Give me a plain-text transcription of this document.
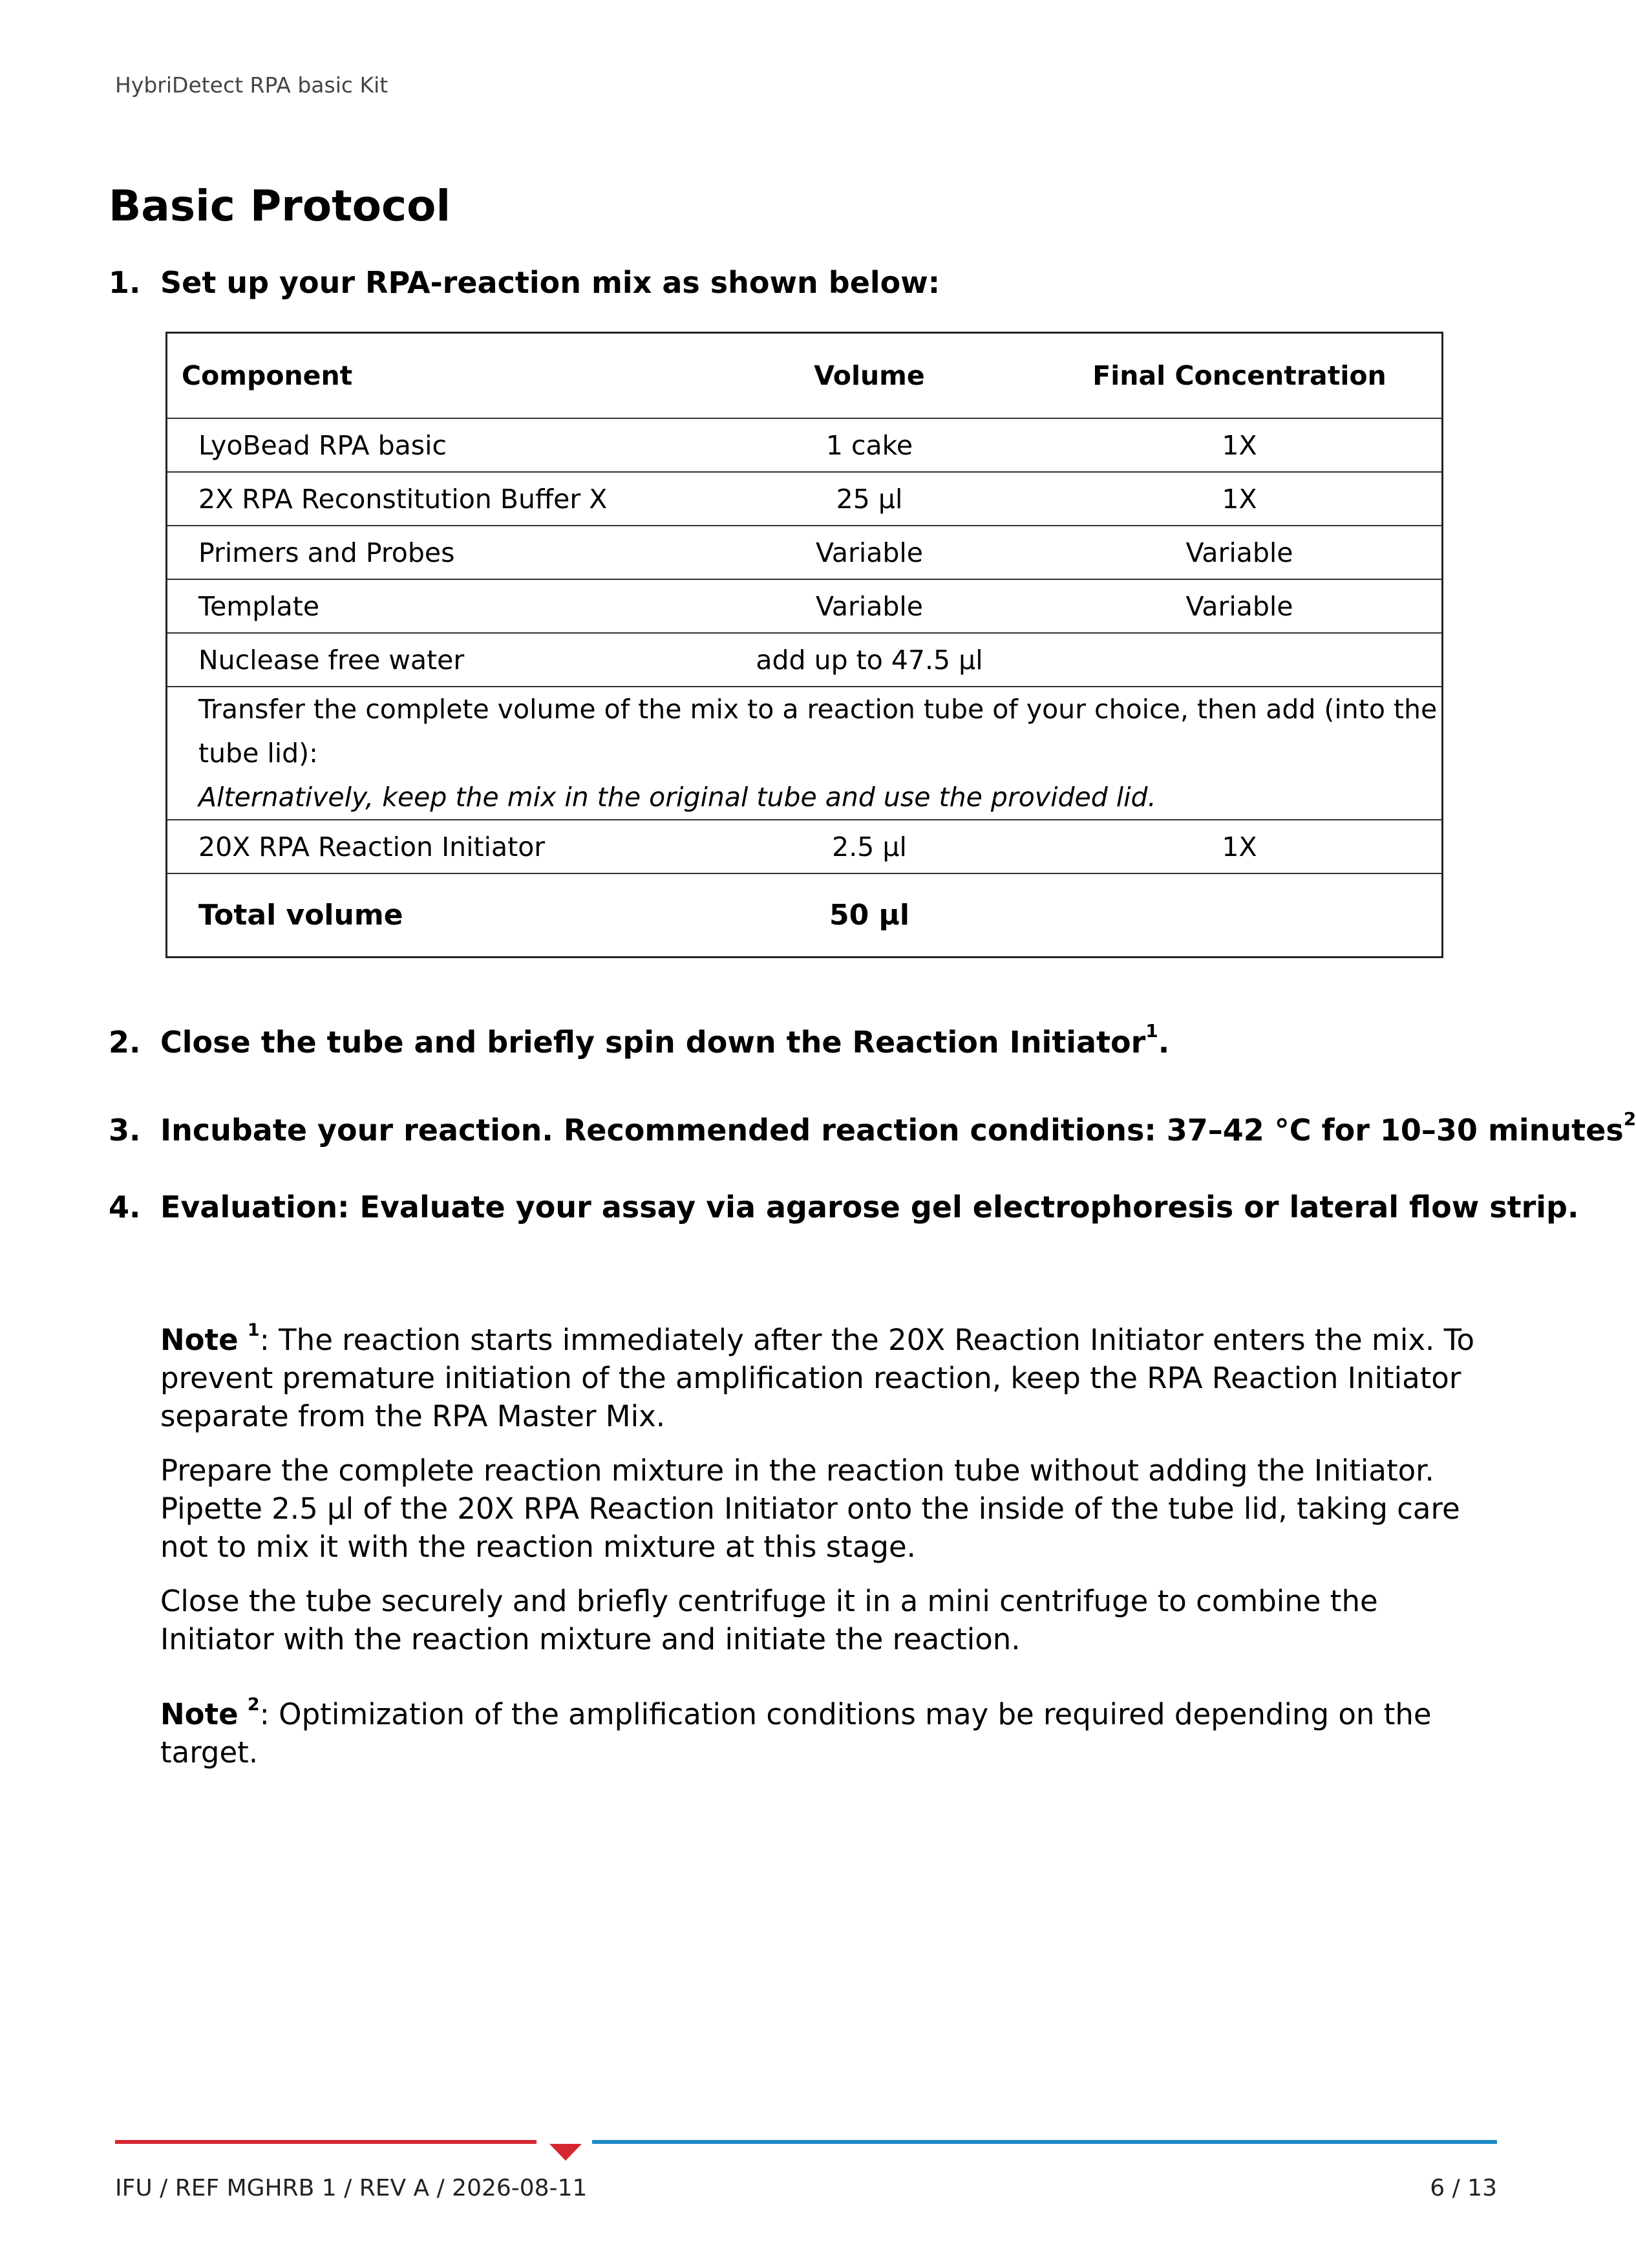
HybriDetect RPA basic Kit
Basic Protocol
1. Set up your RPA-reaction mix as shown below:
Component	Volume	Final Concentration
LyoBead RPA basic	1 cake	1X
2X RPA Reconstitution Buffer X	25 µl	1X
Primers and Probes	Variable	Variable
Template	Variable	Variable
Nuclease free water	add up to 47.5 µl	
Transfer the complete volume of the mix to a reaction tube of your choice, then add (into the tube lid):
Alternatively, keep the mix in the original tube and use the provided lid.		

20X RPA Reaction Initiator	2.5 µl	1X
Total volume	50 µl	
2. Close the tube and briefly spin down the Reaction Initiator$^1$.
3. Incubate your reaction. Recommended reaction conditions: 37–42 °C for 10–30 minutes$^2$
4. Evaluation: Evaluate your assay via agarose gel electrophoresis or lateral flow strip.

Note $^1$: The reaction starts immediately after the 20X Reaction Initiator enters the mix. To prevent premature initiation of the amplification reaction, keep the RPA Reaction Initiator separate from the RPA Master Mix.

Prepare the complete reaction mixture in the reaction tube without adding the Initiator. Pipette 2.5 µl of the 20X RPA Reaction Initiator onto the inside of the tube lid, taking care not to mix it with the reaction mixture at this stage.

Close the tube securely and briefly centrifuge it in a mini centrifuge to combine the Initiator with the reaction mixture and initiate the reaction.

Note $^2$: Optimization of the amplification conditions may be required depending on the target.

IFU / REF MGHRB 1 / REV A / 2026-08-11	6 / 13
